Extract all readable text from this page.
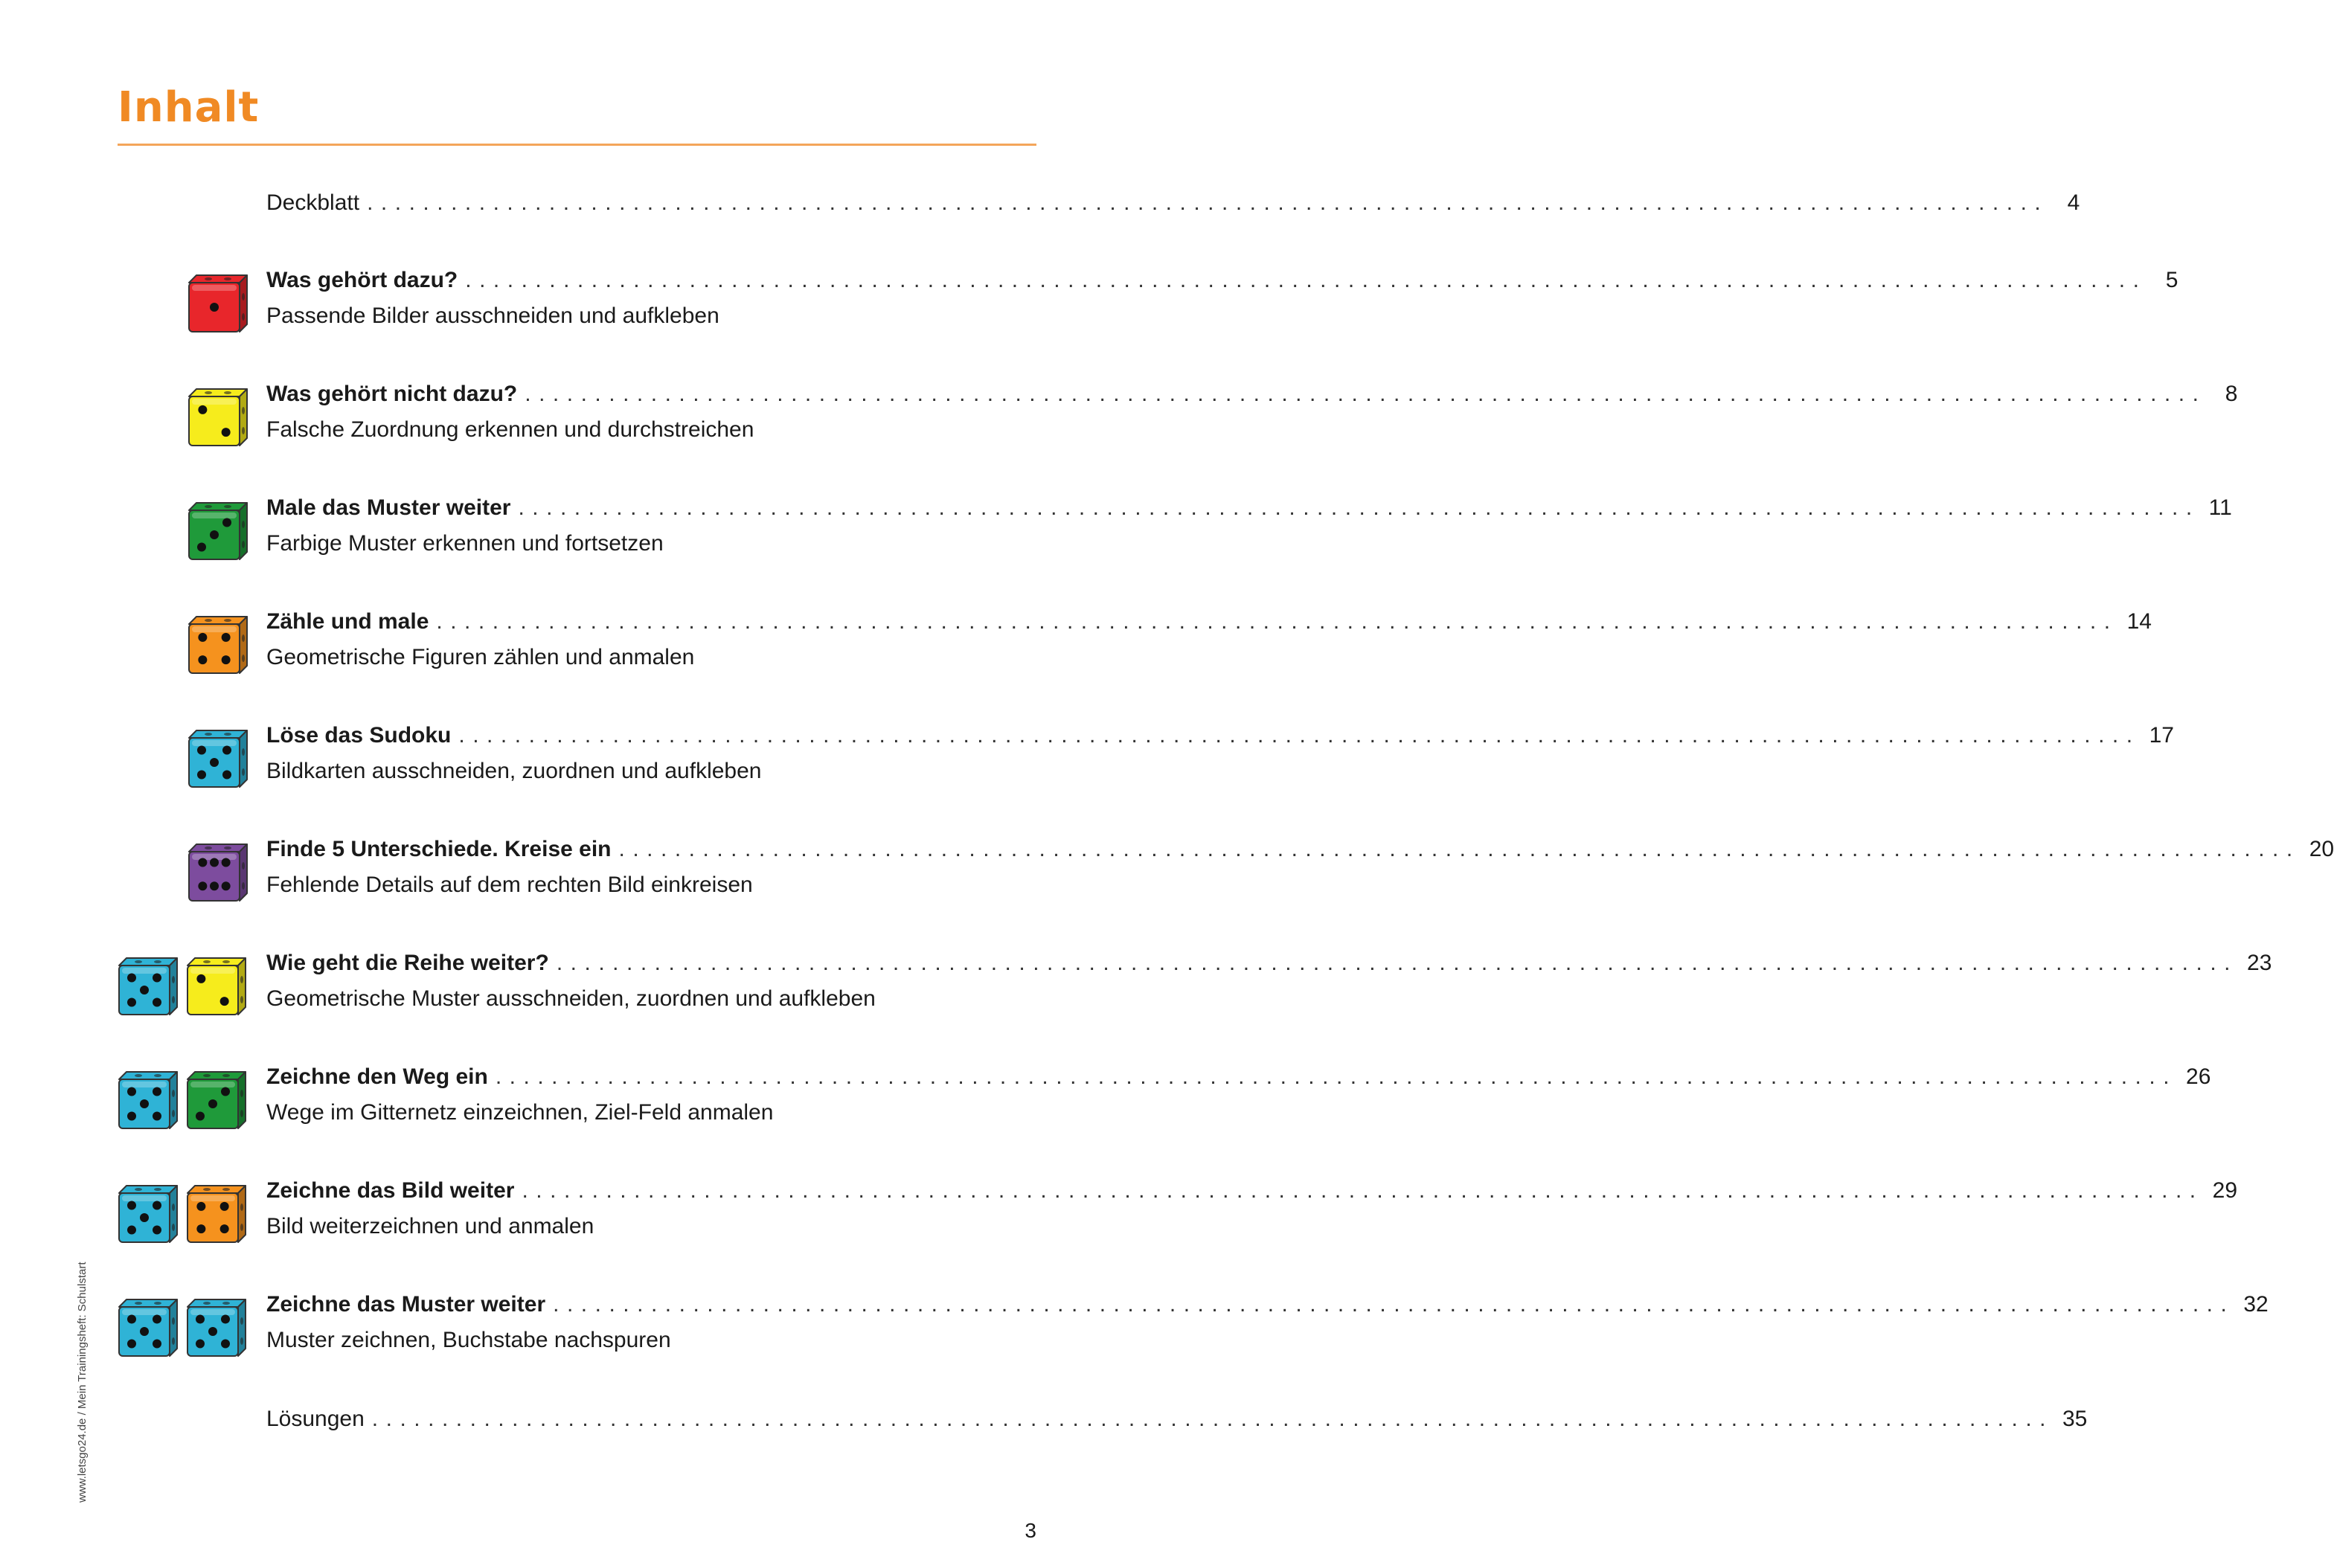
Inhalt
Deckblatt ........................................................................................................................ 4
Was gehört dazu? ........................................................................................................................ 5
Passende Bilder ausschneiden und aufkleben
Was gehört nicht dazu? ........................................................................................................................ 8
Falsche Zuordnung erkennen und durchstreichen
Male das Muster weiter ........................................................................................................................ 11
Farbige Muster erkennen und fortsetzen
Zähle und male ........................................................................................................................ 14
Geometrische Figuren zählen und anmalen
Löse das Sudoku ........................................................................................................................ 17
Bildkarten ausschneiden, zuordnen und aufkleben
Finde 5 Unterschiede. Kreise ein ........................................................................................................................ 20
Fehlende Details auf dem rechten Bild einkreisen
Wie geht die Reihe weiter? ........................................................................................................................ 23
Geometrische Muster ausschneiden, zuordnen und aufkleben
Zeichne den Weg ein ........................................................................................................................ 26
Wege im Gitternetz einzeichnen, Ziel-Feld anmalen
Zeichne das Bild weiter ........................................................................................................................ 29
Bild weiterzeichnen und anmalen
Zeichne das Muster weiter ........................................................................................................................ 32
Muster zeichnen, Buchstabe nachspuren
Lösungen ........................................................................................................................ 35
www.letsgo24.de / Mein Trainingsheft: Schulstart
3
